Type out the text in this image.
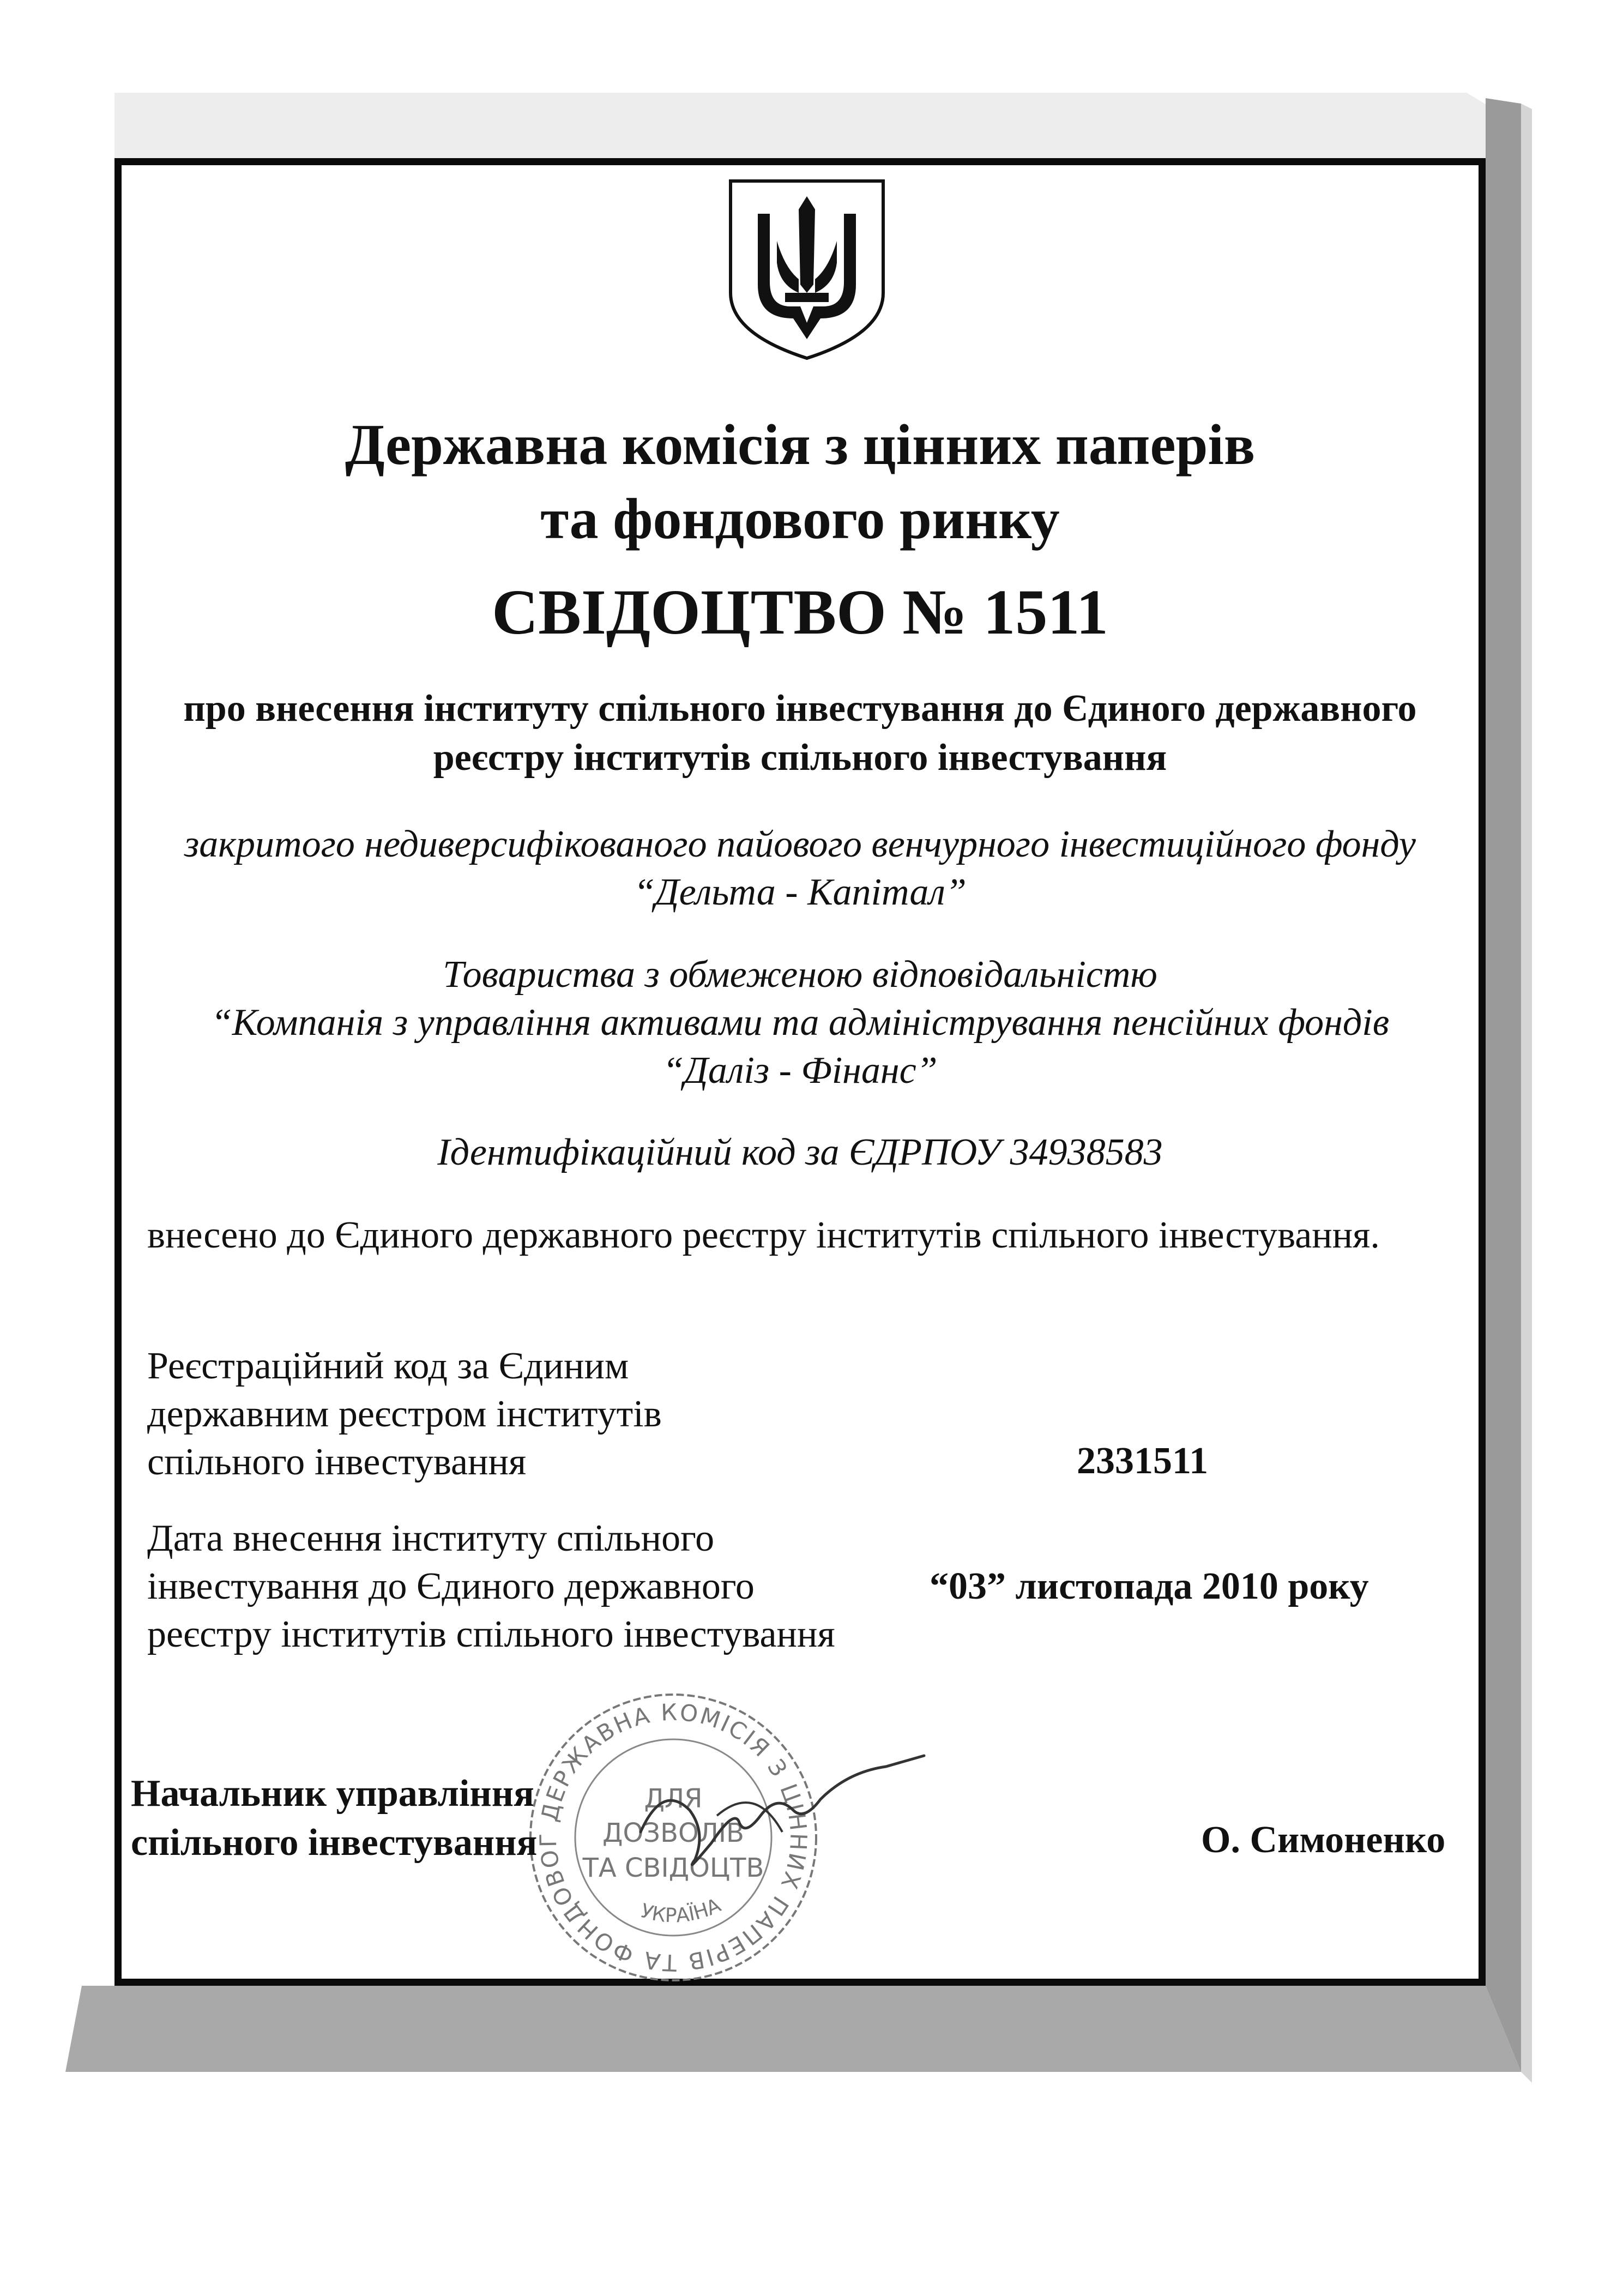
Державна комісія з цінних паперів
та фондового ринку
СВІДОЦТВО № 1511
про внесення інституту спільного інвестування до Єдиного державного
реєстру інститутів спільного інвестування
закритого недиверсифікованого пайового венчурного інвестиційного фонду
“Дельта - Капітал”
Товариства з обмеженою відповідальністю
“Компанія з управління активами та адміністрування пенсійних фондів
“Даліз - Фінанс”
Ідентифікаційний код за ЄДРПОУ 34938583
внесено до Єдиного державного реєстру інститутів спільного інвестування.
Реєстраційний код за Єдиним
державним реєстром інститутів
спільного інвестування	2331511
Дата внесення інституту спільного
інвестування до Єдиного державного
реєстру інститутів спільного інвестування
“03” листопада 2010 року
ДЕРЖАВНА КОМІСІЯ З ЦІННИХ ПАПЕРІВ ТА ФОНДОВОГ
УКРАЇНА
ДЛЯ
ДОЗВОЛІВ
ТА СВІДОЦТВ
Начальник управління
спільного інвестування	О. Симоненко
